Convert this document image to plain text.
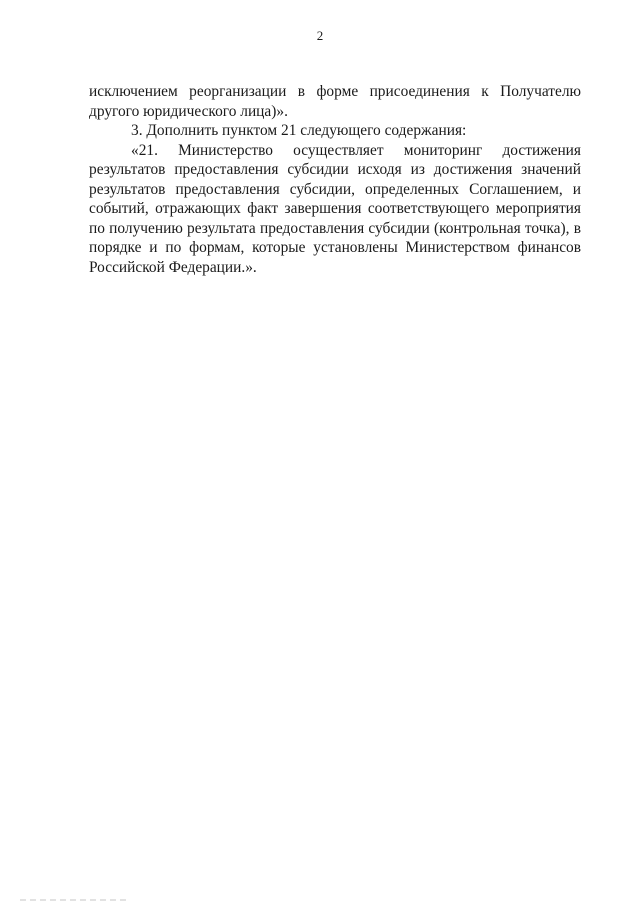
2
исключением реорганизации в форме присоединения к Получателю
другого юридического лица)».
3. Дополнить пунктом 21 следующего содержания:
«21. Министерство осуществляет мониторинг достижения
результатов предоставления субсидии исходя из достижения значений
результатов предоставления субсидии, определенных Соглашением, и
событий, отражающих факт завершения соответствующего мероприятия
по получению результата предоставления субсидии (контрольная точка), в
порядке и по формам, которые установлены Министерством финансов
Российской Федерации.».
